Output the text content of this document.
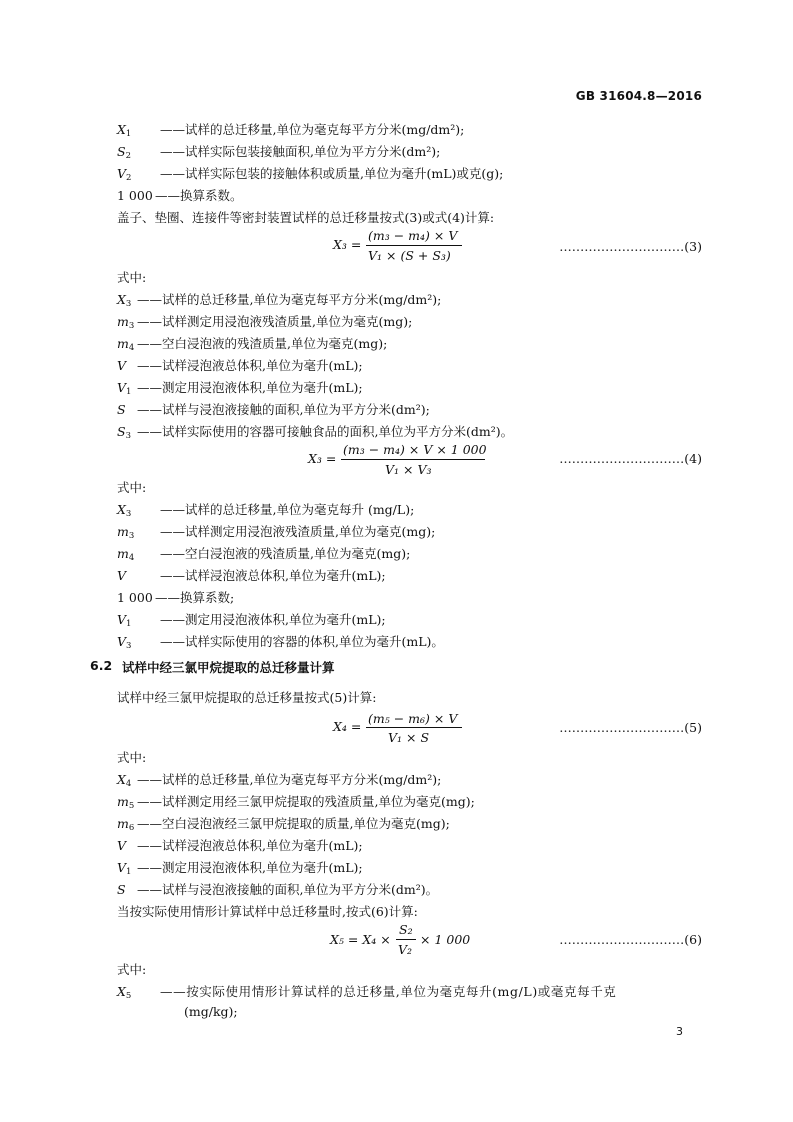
GB 31604.8—2016
$X_1$ ——试样的总迁移量,单位为毫克每平方分米(mg/dm²);
$S_2$ ——试样实际包装接触面积,单位为平方分米(dm²);
$V_2$ ——试样实际包装的接触体积或质量,单位为毫升(mL)或克(g);
1 000 ——换算系数。
盖子、垫圈、连接件等密封装置试样的总迁移量按式(3)或式(4)计算:
X₃ =
(m₃ − m₄) × V
V₁ × (S + S₃)
…………………………(3)
式中:
$X_3$ ——试样的总迁移量,单位为毫克每平方分米(mg/dm²);
$m_3$ ——试样测定用浸泡液残渣质量,单位为毫克(mg);
$m_4$ ——空白浸泡液的残渣质量,单位为毫克(mg);
V ——试样浸泡液总体积,单位为毫升(mL);
$V_1$ ——测定用浸泡液体积,单位为毫升(mL);
S ——试样与浸泡液接触的面积,单位为平方分米(dm²);
$S_3$ ——试样实际使用的容器可接触食品的面积,单位为平方分米(dm²)。
X₃ =
(m₃ − m₄) × V × 1 000
V₁ × V₃
…………………………(4)
式中:
$X_3$ ——试样的总迁移量,单位为毫克每升 (mg/L);
$m_3$ ——试样测定用浸泡液残渣质量,单位为毫克(mg);
$m_4$ ——空白浸泡液的残渣质量,单位为毫克(mg);
V	——试样浸泡液总体积,单位为毫升(mL);
1 000 ——换算系数;
$V_1$ ——测定用浸泡液体积,单位为毫升(mL);
$V_3$ ——试样实际使用的容器的体积,单位为毫升(mL)。
6.2 试样中经三氯甲烷提取的总迁移量计算
试样中经三氯甲烷提取的总迁移量按式(5)计算:
X₄ =
(m₅ − m₆) × V
V₁ × S
…………………………(5)
式中:
$X_4$ ——试样的总迁移量,单位为毫克每平方分米(mg/dm²);
$m_5$ ——试样测定用经三氯甲烷提取的残渣质量,单位为毫克(mg);
$m_6$ ——空白浸泡液经三氯甲烷提取的质量,单位为毫克(mg);
V ——试样浸泡液总体积,单位为毫升(mL);
$V_1$ ——测定用浸泡液体积,单位为毫升(mL);
S ——试样与浸泡液接触的面积,单位为平方分米(dm²)。
当按实际使用情形计算试样中总迁移量时,按式(6)计算:
X₅ = X₄ ×
S₂
V₂
× 1 000	…………………………(6)
式中:
$X_5$ ——按实际使用情形计算试样的总迁移量,单位为毫克每升(mg/L)或毫克每千克
(mg/kg);
3
